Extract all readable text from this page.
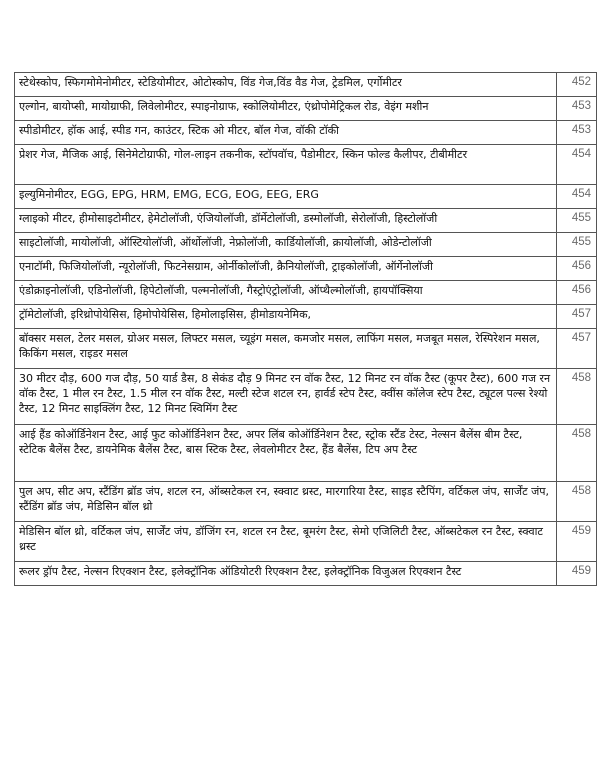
स्टेथेस्कोप, स्फिगमोमेनोमीटर, स्टेडियोमीटर, ओटोस्कोप, विंड गेज,विंड वैड गेज, ट्रेडमिल, एर्गोमीटर	452
एल्गोन, बायोप्सी, मायोग्राफी, लिवेलोमीटर, स्पाइनोग्राफ, स्कोलियोमीटर, एंथ्रोपोमेट्रिकल रोड, वेइंग मशीन	453
स्पीडोमीटर, हॉक आई, स्पीड गन, काउंटर, स्टिक ओ मीटर, बॉल गेज, वॉकी टॉकी	453
प्रेशर गेज, मैजिक आई, सिनेमेटोग्राफी, गोल-लाइन तकनीक, स्टॉपवॉच, पैडोमीटर, स्किन फोल्ड कैलीपर, टीबीमीटर	454
इल्युमिनोमीटर, EGG, EPG, HRM, EMG, ECG, EOG, EEG, ERG	454
ग्लाइको मीटर, हीमोसाइटोमीटर, हेमेटोलॉजी, एंजियोलॉजी, डॉर्मेटोलॉजी, डस्मोलॉजी, सेरोलॉजी, हिस्टोलॉजी	455
साइटोलॉजी, मायोलॉजी, ऑस्टियोलॉजी, ऑर्थोलॉजी, नेफ्रोलॉजी, कार्डियोलॉजी, क्रायोलॉजी, ओडेन्टोलॉजी	455
एनाटॉमी, फिजियोलॉजी, न्यूरोलॉजी, फिटनेसग्राम, ओर्नीकोलॉजी, क्रैनियोलॉजी, ट्राइकोलॉजी, ऑर्गेनोलॉजी	456
एंडोक्राइनोलॉजी, एडिनोलॉजी, हिपेटोलॉजी, पल्मनोलॉजी, गैस्ट्रोएंट्रोलॉजी, ऑप्थैल्मोलॉजी, हायपॉक्सिया	456
ट्रॉमेटोलॉजी, इरिथ्रोपोयेसिस, हिमोपोयेसिस, हिमोलाइसिस, हीमोडायनेमिक,	457
बॉक्सर मसल, टेलर मसल, ग्रोअर मसल, लिफ्टर मसल, च्यूइंग मसल, कमजोर मसल, लाफिंग मसल, मजबूत मसल, रेस्पिरेशन मसल, किकिंग मसल, राइडर मसल	457
30 मीटर दौड़, 600 गज दौड़, 50 यार्ड डैस, 8 सेकंड दौड़ 9 मिनट रन वॉक टैस्ट, 12 मिनट रन वॉक टैस्ट (कूपर टैस्ट), 600 गज रन वॉक टैस्ट, 1 मील रन टैस्ट, 1.5 मील रन वॉक टैस्ट, मल्टी स्टेज शटल रन, हार्वर्ड स्टेप टैस्ट, क्वींस कॉलेज स्टेप टैस्ट, ट्यूटल पल्स रेश्यो टैस्ट, 12 मिनट साइक्लिंग टैस्ट, 12 मिनट स्विमिंग टैस्ट	458
आई हैंड कोऑर्डिनेशन टैस्ट, आई फुट कोऑर्डिनेशन टैस्ट, अपर लिंब कोऑर्डिनेशन टैस्ट, स्ट्रोक स्टैंड टेस्ट, नेल्सन बैलेंस बीम टैस्ट, स्टेटिक बैलेंस टैस्ट, डायनेमिक बैलेंस टैस्ट, बास स्टिक टैस्ट, लेवलोमीटर टैस्ट, हैंड बैलेंस, टिप अप टैस्ट	458
पुल अप, सीट अप, स्टैंडिंग ब्रॉड जंप, शटल रन, ऑब्सटेकल रन, स्क्वाट थ्रस्ट, मारगारिया टैस्ट, साइड स्टैपिंग, वर्टिकल जंप, सार्जेंट जंप, स्टैंडिंग ब्रॉड जंप, मेडिसिन बॉल थ्रो	458
मेडिसिन बॉल थ्रो, वर्टिकल जंप, सार्जेंट जंप, डॉजिंग रन, शटल रन टैस्ट, बूमरंग टैस्ट, सेमो एजिलिटी टैस्ट, ऑब्सटेकल रन टैस्ट, स्क्वाट थ्रस्ट	459
रूलर ड्रॉप टैस्ट, नेल्सन रिएक्शन टैस्ट, इलेक्ट्रॉनिक ऑडियोटरी रिएक्शन टैस्ट, इलेक्ट्रॉनिक विजुअल रिएक्शन टैस्ट	459
